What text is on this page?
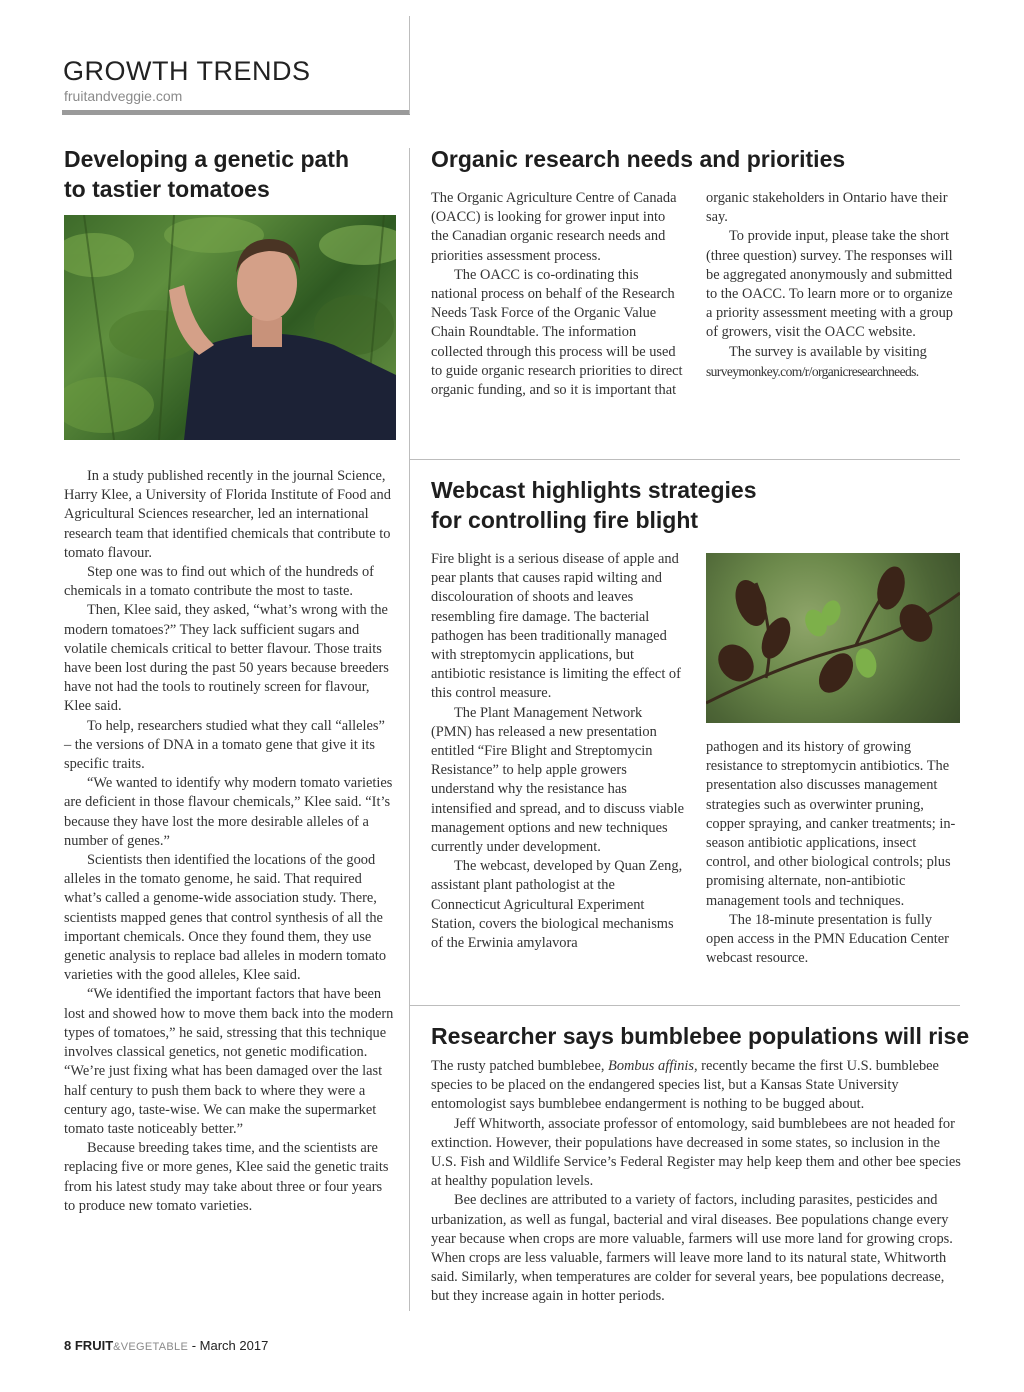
GROWTH TRENDS
fruitandveggie.com
Developing a genetic path
to tastier tomatoes

In a study published recently in the journal Science, Harry Klee, a University of Florida Institute of Food and Agricultural Sciences researcher, led an international research team that identified chemicals that contribute to tomato flavour.

Step one was to find out which of the hundreds of chemicals in a tomato contribute the most to taste.

Then, Klee said, they asked, “what’s wrong with the modern tomatoes?” They lack sufficient sugars and volatile chemicals critical to better flavour. Those traits have been lost during the past 50 years because breeders have not had the tools to routinely screen for flavour, Klee said.

To help, researchers studied what they call “alleles” – the versions of DNA in a tomato gene that give it its specific traits.

“We wanted to identify why modern tomato varieties are deficient in those flavour chemicals,” Klee said. “It’s because they have lost the more desirable alleles of a number of genes.”

Scientists then identified the locations of the good alleles in the tomato genome, he said. That required what’s called a genome-wide association study. There, scientists mapped genes that control synthesis of all the important chemicals. Once they found them, they use genetic analysis to replace bad alleles in modern tomato varieties with the good alleles, Klee said.

“We identified the important factors that have been lost and showed how to move them back into the modern types of tomatoes,” he said, stressing that this technique involves classical genetics, not genetic modification. “We’re just fixing what has been damaged over the last half century to push them back to where they were a century ago, taste-wise. We can make the supermarket tomato taste noticeably better.”

Because breeding takes time, and the scientists are replacing five or more genes, Klee said the genetic traits from his latest study may take about three or four years to produce new tomato varieties.

Organic research needs and priorities

The Organic Agriculture Centre of Canada (OACC) is looking for grower input into the Canadian organic research needs and priorities assessment process.

The OACC is co-ordinating this national process on behalf of the Research Needs Task Force of the Organic Value Chain Roundtable. The information collected through this process will be used to guide organic research priorities to direct organic funding, and so it is important that

organic stakeholders in Ontario have their say.

To provide input, please take the short (three question) survey. The responses will be aggregated anonymously and submitted to the OACC. To learn more or to organize a priority assessment meeting with a group of growers, visit the OACC website.

The survey is available by visiting surveymonkey.com/r/organicresearchneeds.

Webcast highlights strategies
for controlling fire blight

Fire blight is a serious disease of apple and pear plants that causes rapid wilting and discolouration of shoots and leaves resembling fire damage. The bacterial pathogen has been traditionally managed with streptomycin applications, but antibiotic resistance is limiting the effect of this control measure.

The Plant Management Network (PMN) has released a new presentation entitled “Fire Blight and Streptomycin Resistance” to help apple growers understand why the resistance has intensified and spread, and to discuss viable management options and new techniques currently under development.

The webcast, developed by Quan Zeng, assistant plant pathologist at the Connecticut Agricultural Experiment Station, covers the biological mechanisms of the Erwinia amylavora

pathogen and its history of growing resistance to streptomycin antibiotics. The presentation also discusses management strategies such as overwinter pruning, copper spraying, and canker treatments; in-season antibiotic applications, insect control, and other biological controls; plus promising alternate, non-antibiotic management tools and techniques.

The 18-minute presentation is fully open access in the PMN Education Center webcast resource.

Researcher says bumblebee populations will rise

The rusty patched bumblebee, Bombus affinis, recently became the first U.S. bumblebee species to be placed on the endangered species list, but a Kansas State University entomologist says bumblebee endangerment is nothing to be bugged about.

Jeff Whitworth, associate professor of entomology, said bumblebees are not headed for extinction. However, their populations have decreased in some states, so inclusion in the U.S. Fish and Wildlife Service’s Federal Register may help keep them and other bee species at healthy population levels.

Bee declines are attributed to a variety of factors, including parasites, pesticides and urbanization, as well as fungal, bacterial and viral diseases. Bee populations change every year because when crops are more valuable, farmers will use more land for growing crops. When crops are less valuable, farmers will leave more land to its natural state, Whitworth said. Similarly, when temperatures are colder for several years, bee populations decrease, but they increase again in hotter periods.

8 FRUIT&VEGETABLE - March 2017
